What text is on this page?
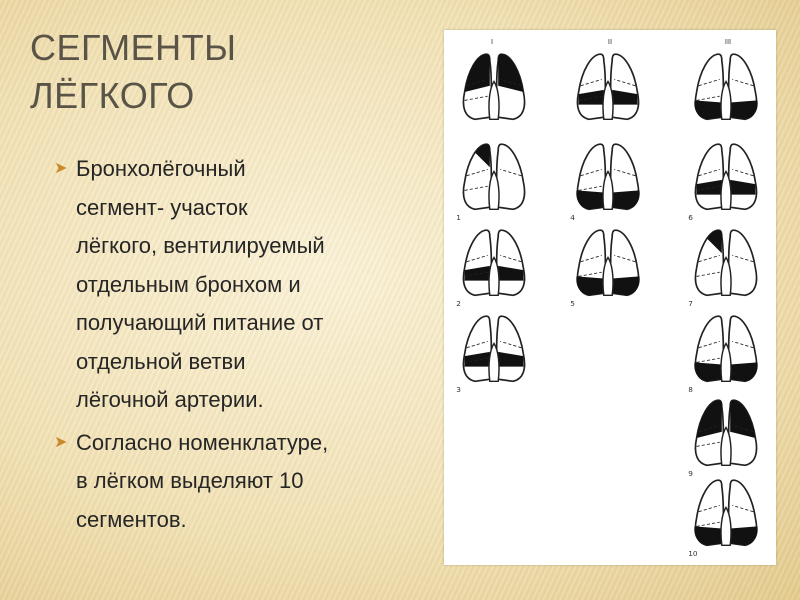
СЕГМЕНТЫ
ЛЁГКОГО
➤ Бронхолёгочный
сегмент- участок
лёгкого, вентилируемый
отдельным бронхом и
получающий питание от
отдельной ветви
лёгочной артерии.
➤ Согласно номенклатуре,
в лёгком выделяют 10
сегментов.
1	4	6
2	5	7
3	8
9
10
I	II	III
